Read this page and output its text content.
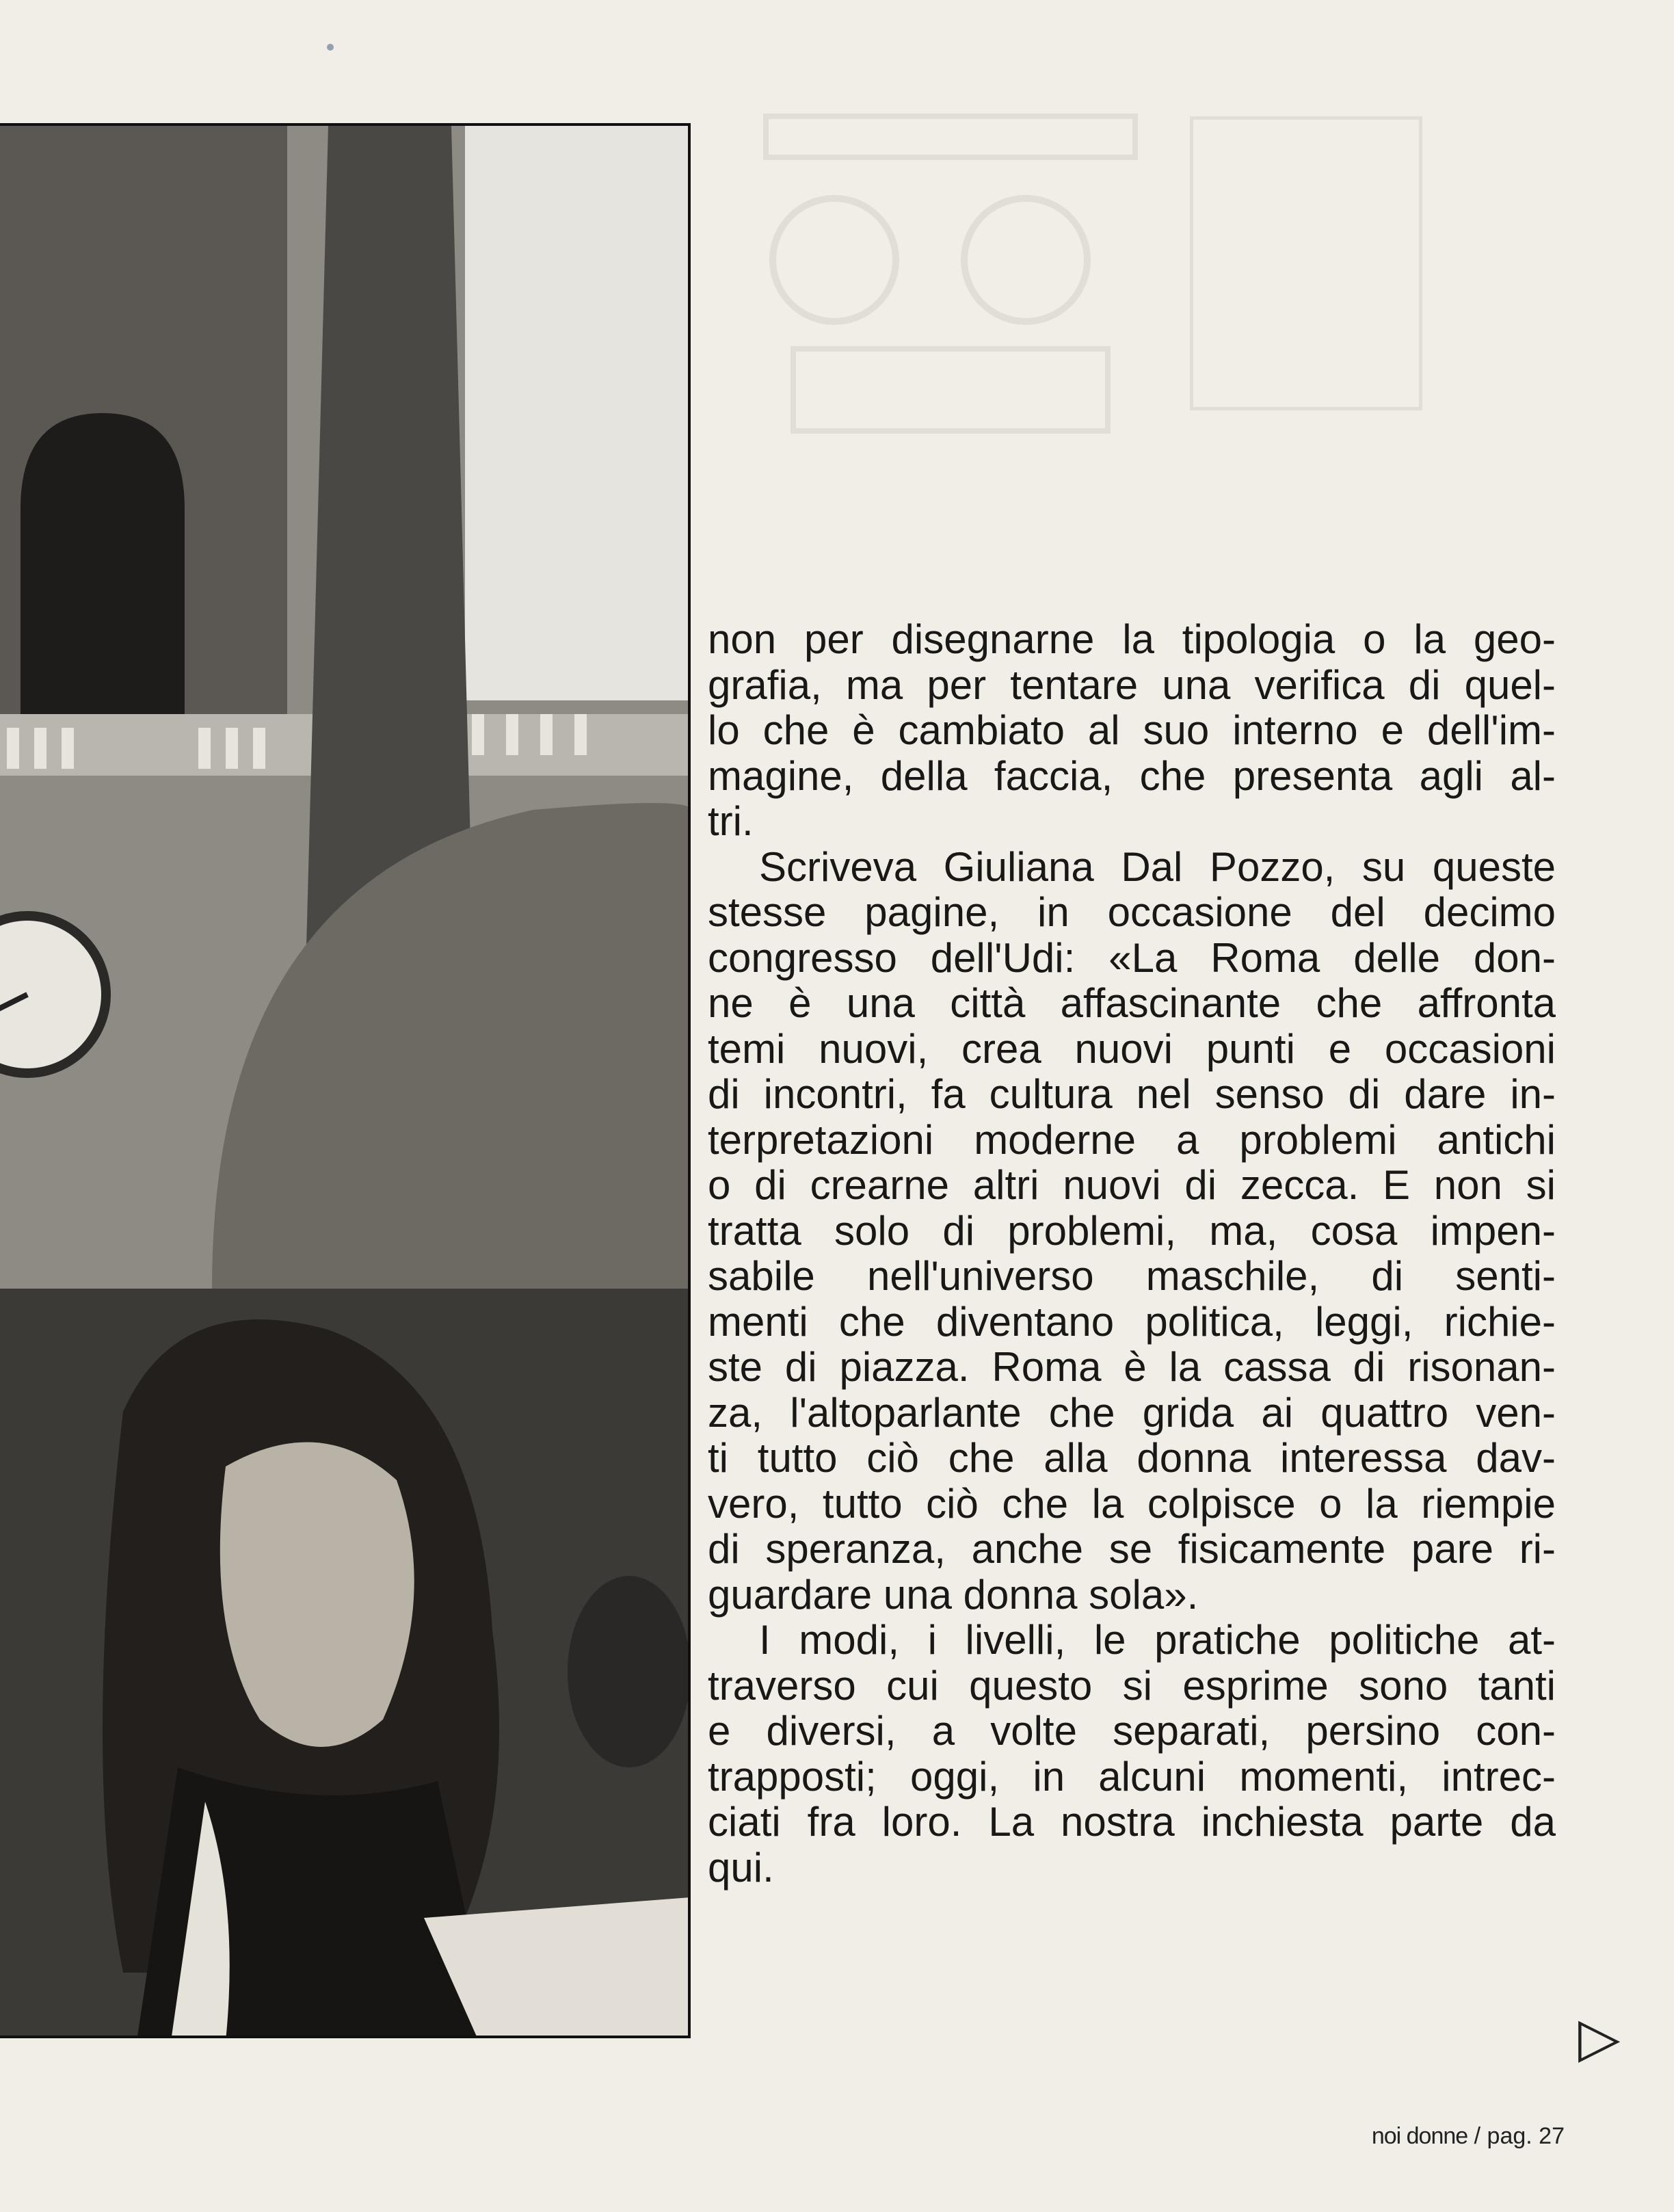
non per disegnarne la tipologia o la geo-
grafia, ma per tentare una verifica di quel-
lo che è cambiato al suo interno e dell'im-
magine, della faccia, che presenta agli al-
tri.
Scriveva Giuliana Dal Pozzo, su queste
stesse pagine, in occasione del decimo
congresso dell'Udi: «La Roma delle don-
ne è una città affascinante che affronta
temi nuovi, crea nuovi punti e occasioni
di incontri, fa cultura nel senso di dare in-
terpretazioni moderne a problemi antichi
o di crearne altri nuovi di zecca. E non si
tratta solo di problemi, ma, cosa impen-
sabile nell'universo maschile, di senti-
menti che diventano politica, leggi, richie-
ste di piazza. Roma è la cassa di risonan-
za, l'altoparlante che grida ai quattro ven-
ti tutto ciò che alla donna interessa dav-
vero, tutto ciò che la colpisce o la riempie
di speranza, anche se fisicamente pare ri-
guardare una donna sola».
I modi, i livelli, le pratiche politiche at-
traverso cui questo si esprime sono tanti
e diversi, a volte separati, persino con-
trapposti; oggi, in alcuni momenti, intrec-
ciati fra loro. La nostra inchiesta parte da
qui.
▷
noi donne / pag. 27
